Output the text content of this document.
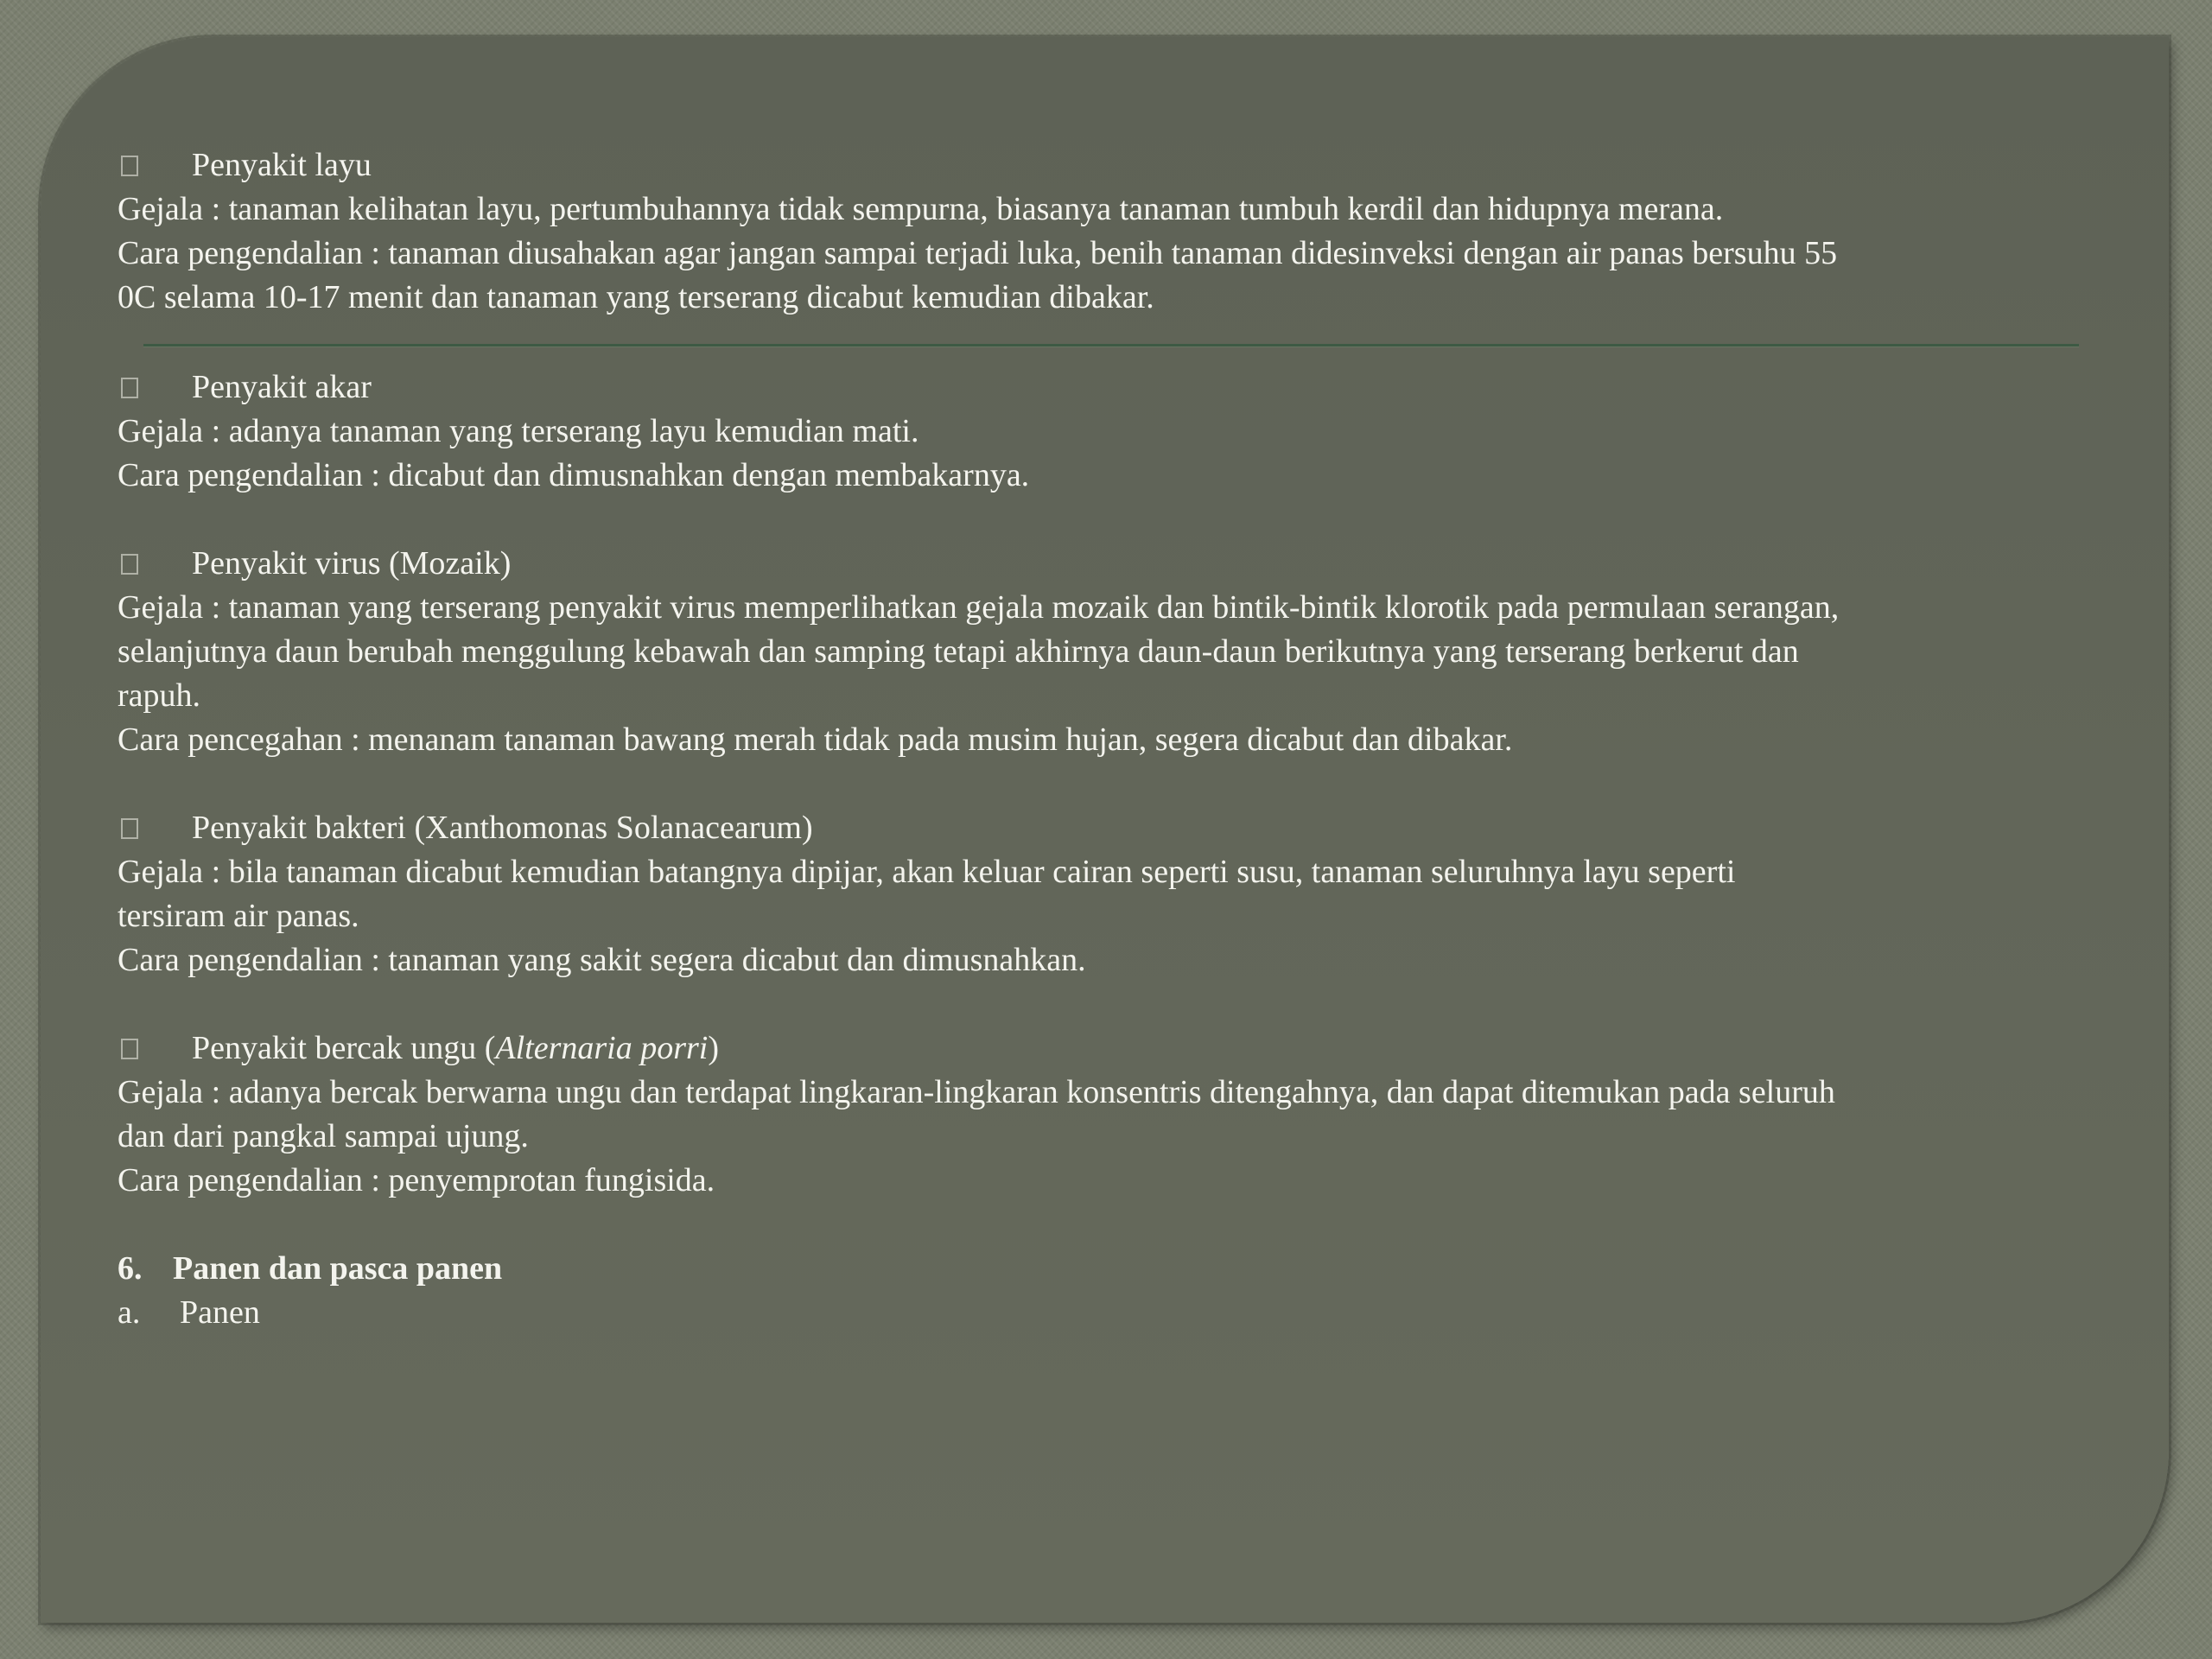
Penyakit layu

Gejala : tanaman kelihatan layu, pertumbuhannya tidak sempurna, biasanya tanaman tumbuh kerdil dan hidupnya merana.

Cara pengendalian : tanaman diusahakan agar jangan sampai terjadi luka, benih tanaman didesinveksi dengan air panas bersuhu 55

0C selama 10-17 menit dan tanaman yang terserang dicabut kemudian dibakar.

Penyakit akar

Gejala : adanya tanaman yang terserang layu kemudian mati.

Cara pengendalian : dicabut dan dimusnahkan dengan membakarnya.

Penyakit virus (Mozaik)

Gejala : tanaman yang terserang penyakit virus memperlihatkan gejala mozaik dan bintik-bintik klorotik pada permulaan serangan,

selanjutnya daun berubah menggulung kebawah dan samping tetapi akhirnya daun-daun berikutnya yang terserang berkerut dan

rapuh.

Cara pencegahan : menanam tanaman bawang merah tidak pada musim hujan, segera dicabut dan dibakar.

Penyakit bakteri (Xanthomonas Solanacearum)

Gejala : bila tanaman dicabut kemudian batangnya dipijar, akan keluar cairan seperti susu, tanaman seluruhnya layu seperti

tersiram air panas.

Cara pengendalian : tanaman yang sakit segera dicabut dan dimusnahkan.

Penyakit bercak ungu (Alternaria porri)

Gejala : adanya bercak berwarna ungu dan terdapat lingkaran-lingkaran konsentris ditengahnya, dan dapat ditemukan pada seluruh

dan dari pangkal sampai ujung.

Cara pengendalian : penyemprotan fungisida.

6. Panen dan pasca panen
a.	Panen
